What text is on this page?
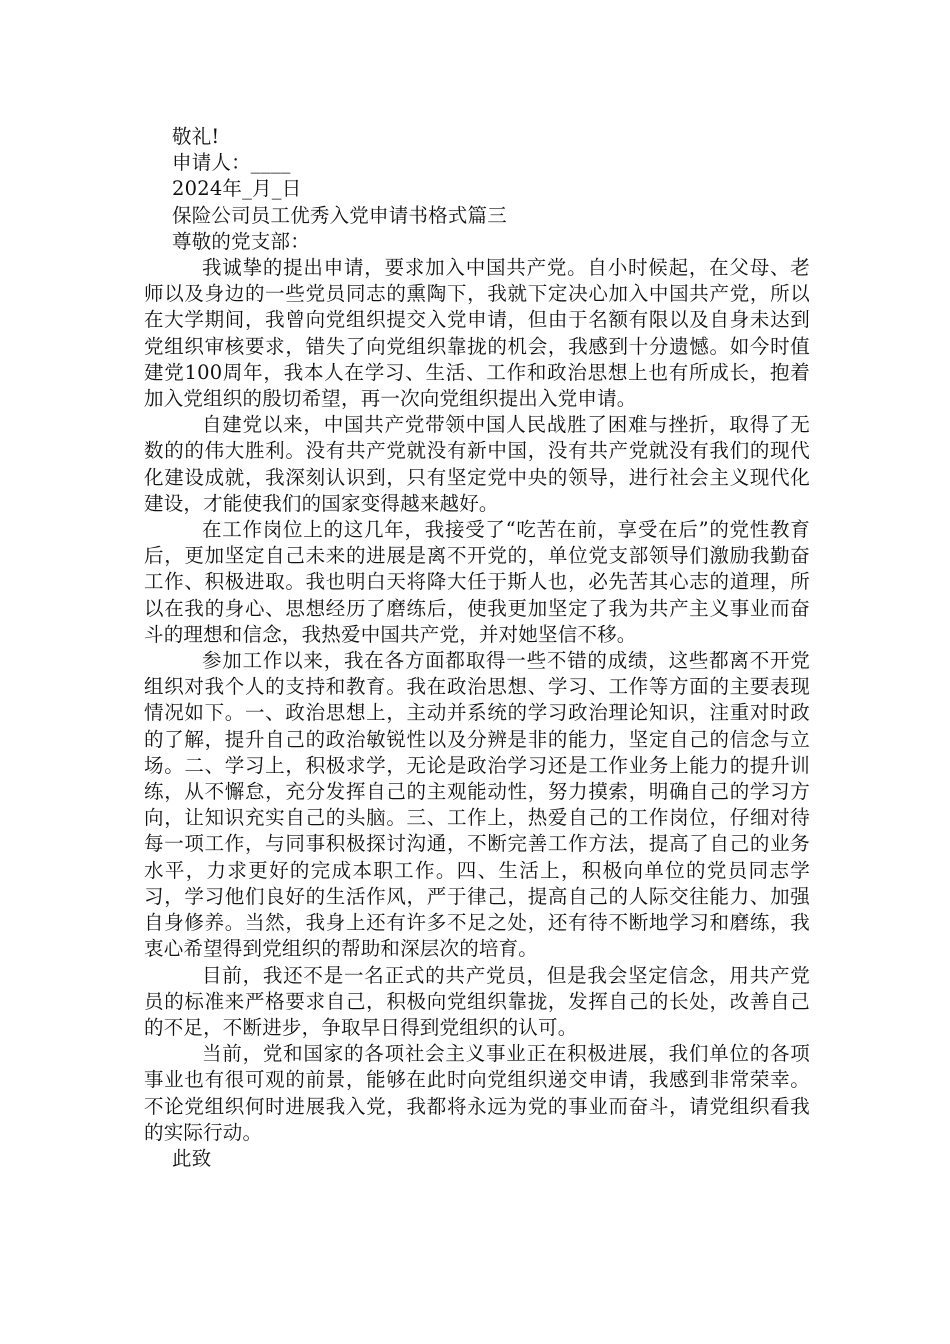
敬礼!
申请人：____
2024年_月_日
保险公司员工优秀入党申请书格式篇三
尊敬的党支部：

我诚挚的提出申请，要求加入中国共产党。自小时候起，在父母、老师以及身边的一些党员同志的熏陶下，我就下定决心加入中国共产党，所以在大学期间，我曾向党组织提交入党申请，但由于名额有限以及自身未达到党组织审核要求，错失了向党组织靠拢的机会，我感到十分遗憾。如今时值建党100周年，我本人在学习、生活、工作和政治思想上也有所成长，抱着加入党组织的殷切希望，再一次向党组织提出入党申请。

自建党以来，中国共产党带领中国人民战胜了困难与挫折，取得了无数的的伟大胜利。没有共产党就没有新中国，没有共产党就没有我们的现代化建设成就，我深刻认识到，只有坚定党中央的领导，进行社会主义现代化建设，才能使我们的国家变得越来越好。

在工作岗位上的这几年，我接受了“吃苦在前，享受在后”的党性教育后，更加坚定自己未来的进展是离不开党的，单位党支部领导们激励我勤奋工作、积极进取。我也明白天将降大任于斯人也，必先苦其心志的道理，所以在我的身心、思想经历了磨练后，使我更加坚定了我为共产主义事业而奋斗的理想和信念，我热爱中国共产党，并对她坚信不移。

参加工作以来，我在各方面都取得一些不错的成绩，这些都离不开党组织对我个人的支持和教育。我在政治思想、学习、工作等方面的主要表现情况如下。一、政治思想上，主动并系统的学习政治理论知识，注重对时政的了解，提升自己的政治敏锐性以及分辨是非的能力，坚定自己的信念与立场。二、学习上，积极求学，无论是政治学习还是工作业务上能力的提升训练，从不懈怠，充分发挥自己的主观能动性，努力摸索，明确自己的学习方向，让知识充实自己的头脑。三、工作上，热爱自己的工作岗位，仔细对待每一项工作，与同事积极探讨沟通，不断完善工作方法，提高了自己的业务水平，力求更好的完成本职工作。四、生活上，积极向单位的党员同志学习，学习他们良好的生活作风，严于律己，提高自己的人际交往能力、加强自身修养。当然，我身上还有许多不足之处，还有待不断地学习和磨练，我衷心希望得到党组织的帮助和深层次的培育。

目前，我还不是一名正式的共产党员，但是我会坚定信念，用共产党员的标准来严格要求自己，积极向党组织靠拢，发挥自己的长处，改善自己的不足，不断进步，争取早日得到党组织的认可。

当前，党和国家的各项社会主义事业正在积极进展，我们单位的各项事业也有很可观的前景，能够在此时向党组织递交申请，我感到非常荣幸。不论党组织何时进展我入党，我都将永远为党的事业而奋斗，请党组织看我的实际行动。

此致
